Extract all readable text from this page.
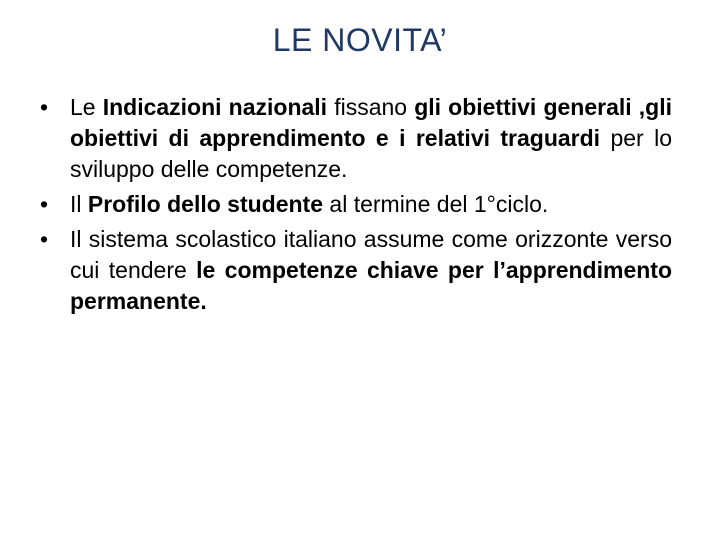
LE NOVITA’
• Le Indicazioni nazionali fissano gli obiettivi generali ,gli obiettivi di apprendimento e i relativi traguardi per lo sviluppo delle competenze.
• Il Profilo dello studente al termine del 1°ciclo.
• Il sistema scolastico italiano assume come orizzonte verso cui tendere le competenze chiave per l’apprendimento permanente.
